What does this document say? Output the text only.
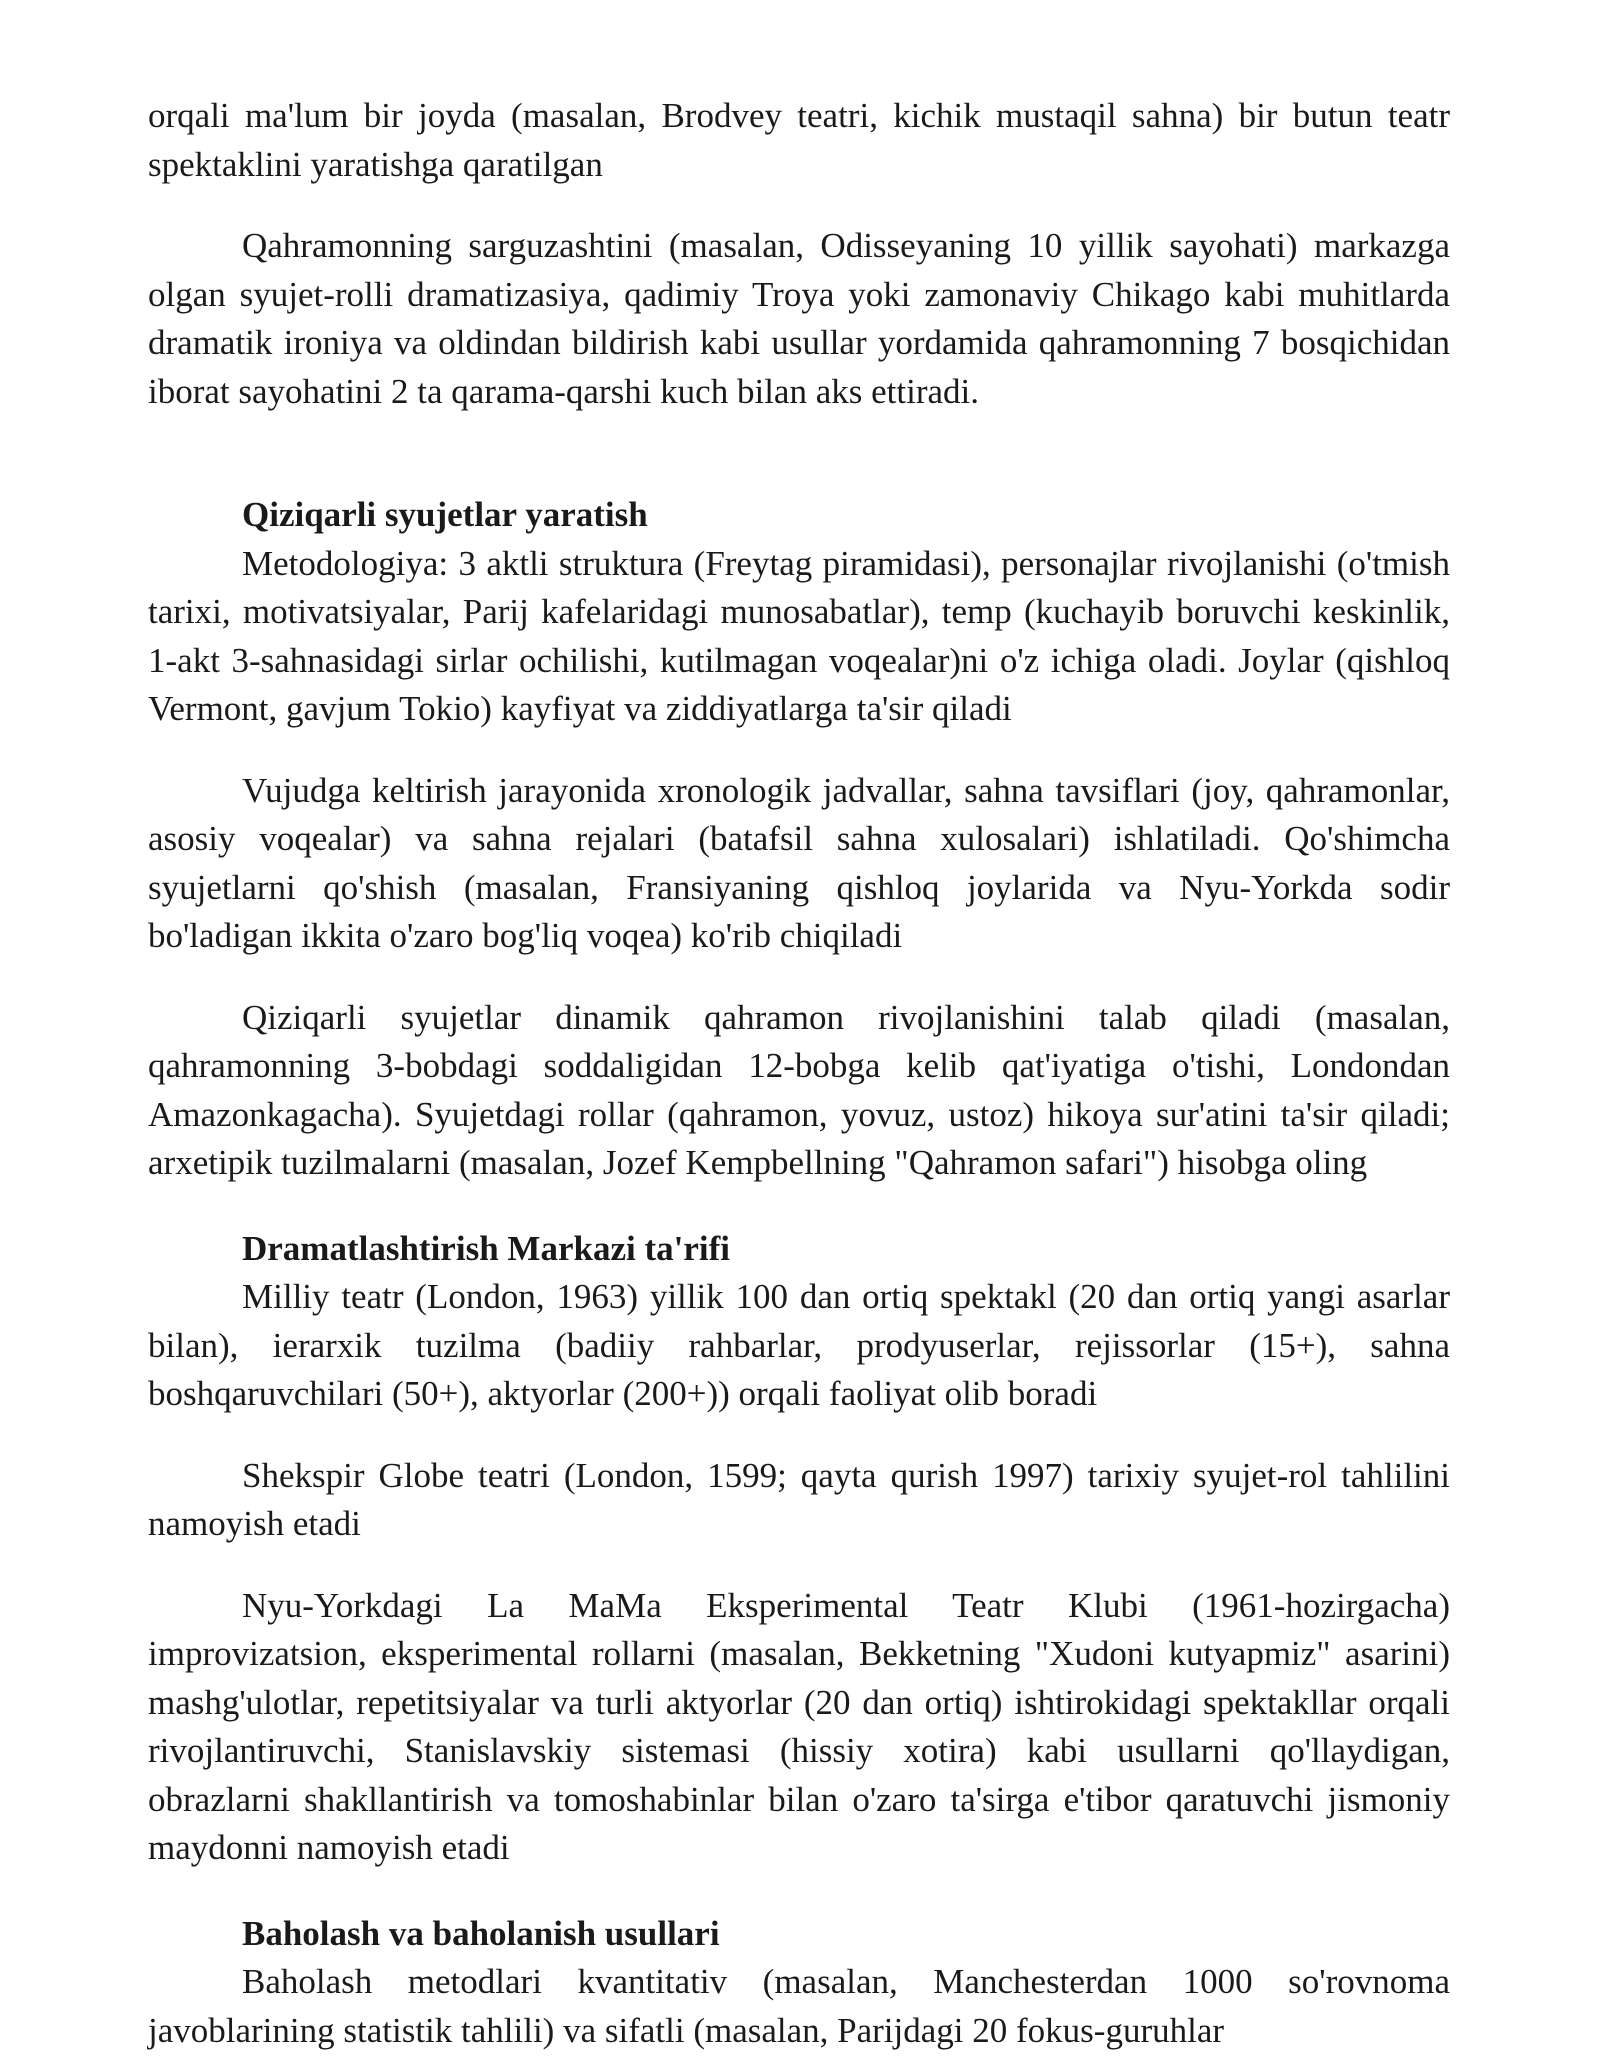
orqali ma'lum bir joyda (masalan, Brodvey teatri, kichik mustaqil sahna) bir butun teatr spektaklini yaratishga qaratilgan

Qahramonning sarguzashtini (masalan, Odisseyaning 10 yillik sayohati) markazga olgan syujet-rolli dramatizasiya, qadimiy Troya yoki zamonaviy Chikago kabi muhitlarda dramatik ironiya va oldindan bildirish kabi usullar yordamida qahramonning 7 bosqichidan iborat sayohatini 2 ta qarama-qarshi kuch bilan aks ettiradi.

Qiziqarli syujetlar yaratish

Metodologiya: 3 aktli struktura (Freytag piramidasi), personajlar rivojlanishi (o'tmish tarixi, motivatsiyalar, Parij kafelaridagi munosabatlar), temp (kuchayib boruvchi keskinlik, 1-akt 3-sahnasidagi sirlar ochilishi, kutilmagan voqealar)ni o'z ichiga oladi. Joylar (qishloq Vermont, gavjum Tokio) kayfiyat va ziddiyatlarga ta'sir qiladi

Vujudga keltirish jarayonida xronologik jadvallar, sahna tavsiflari (joy, qahramonlar, asosiy voqealar) va sahna rejalari (batafsil sahna xulosalari) ishlatiladi. Qo'shimcha syujetlarni qo'shish (masalan, Fransiyaning qishloq joylarida va Nyu-Yorkda sodir bo'ladigan ikkita o'zaro bog'liq voqea) ko'rib chiqiladi

Qiziqarli syujetlar dinamik qahramon rivojlanishini talab qiladi (masalan, qahramonning 3-bobdagi soddaligidan 12-bobga kelib qat'iyatiga o'tishi, Londondan Amazonkagacha). Syujetdagi rollar (qahramon, yovuz, ustoz) hikoya sur'atini ta'sir qiladi; arxetipik tuzilmalarni (masalan, Jozef Kempbellning "Qahramon safari") hisobga oling

Dramatlashtirish Markazi ta'rifi

Milliy teatr (London, 1963) yillik 100 dan ortiq spektakl (20 dan ortiq yangi asarlar bilan), ierarxik tuzilma (badiiy rahbarlar, prodyuserlar, rejissorlar (15+), sahna boshqaruvchilari (50+), aktyorlar (200+)) orqali faoliyat olib boradi

Shekspir Globe teatri (London, 1599; qayta qurish 1997) tarixiy syujet-rol tahlilini namoyish etadi

Nyu-Yorkdagi La MaMa Eksperimental Teatr Klubi (1961-hozirgacha) improvizatsion, eksperimental rollarni (masalan, Bekketning "Xudoni kutyapmiz" asarini) mashg'ulotlar, repetitsiyalar va turli aktyorlar (20 dan ortiq) ishtirokidagi spektakllar orqali rivojlantiruvchi, Stanislavskiy sistemasi (hissiy xotira) kabi usullarni qo'llaydigan, obrazlarni shakllantirish va tomoshabinlar bilan o'zaro ta'sirga e'tibor qaratuvchi jismoniy maydonni namoyish etadi

Baholash va baholanish usullari

Baholash metodlari kvantitativ (masalan, Manchesterdan 1000 so'rovnoma javoblarining statistik tahlili) va sifatli (masalan, Parijdagi 20 fokus-guruhlar
